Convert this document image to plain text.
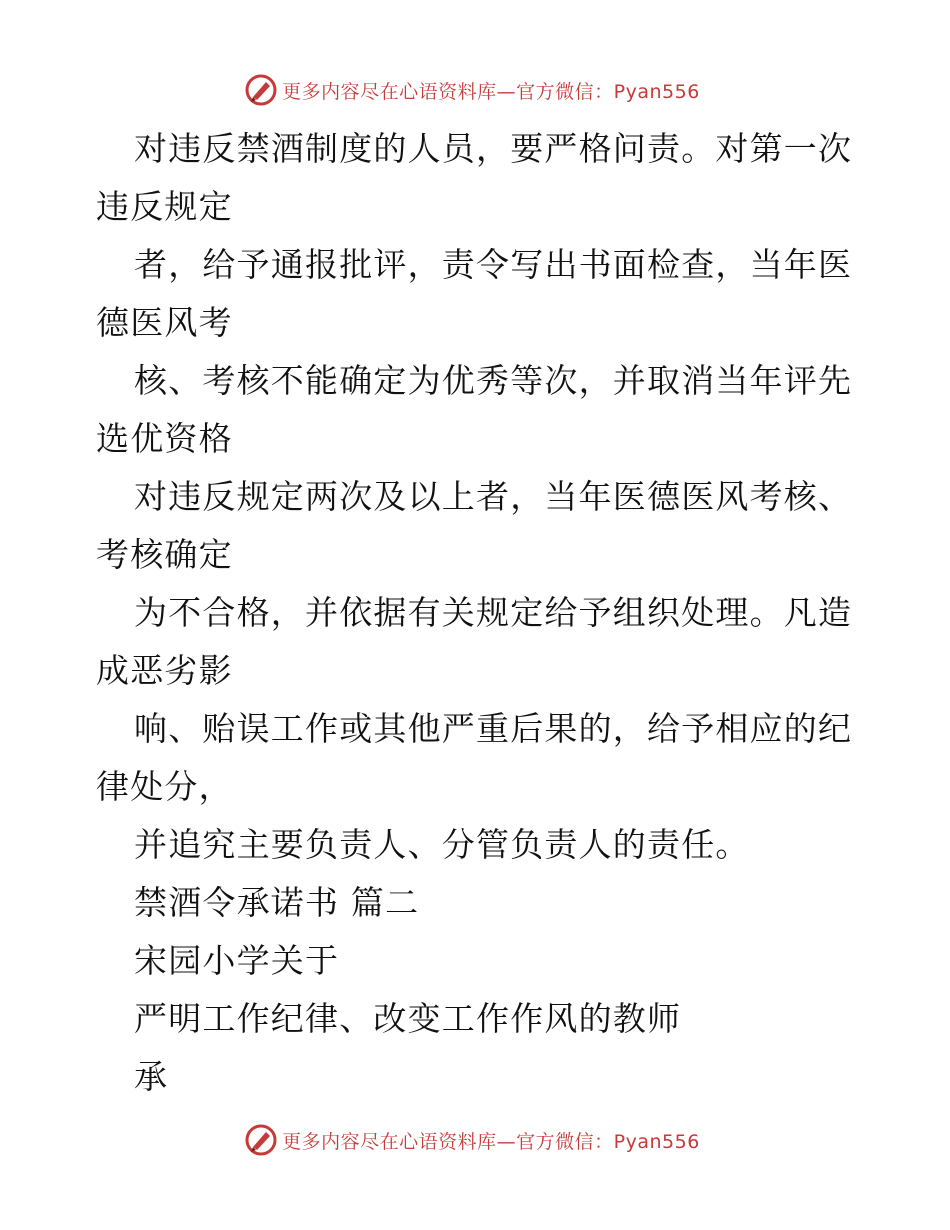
更多内容尽在心语资料库—官方微信：Pyan556
对违反禁酒制度的人员，要严格问责。对第一次
违反规定
者，给予通报批评，责令写出书面检查，当年医
德医风考
核、考核不能确定为优秀等次，并取消当年评先
选优资格
对违反规定两次及以上者，当年医德医风考核、
考核确定
为不合格，并依据有关规定给予组织处理。凡造
成恶劣影
响、贻误工作或其他严重后果的，给予相应的纪
律处分，
并追究主要负责人、分管负责人的责任。
禁酒令承诺书 篇二
宋园小学关于
严明工作纪律、改变工作作风的教师
承
更多内容尽在心语资料库—官方微信：Pyan556
